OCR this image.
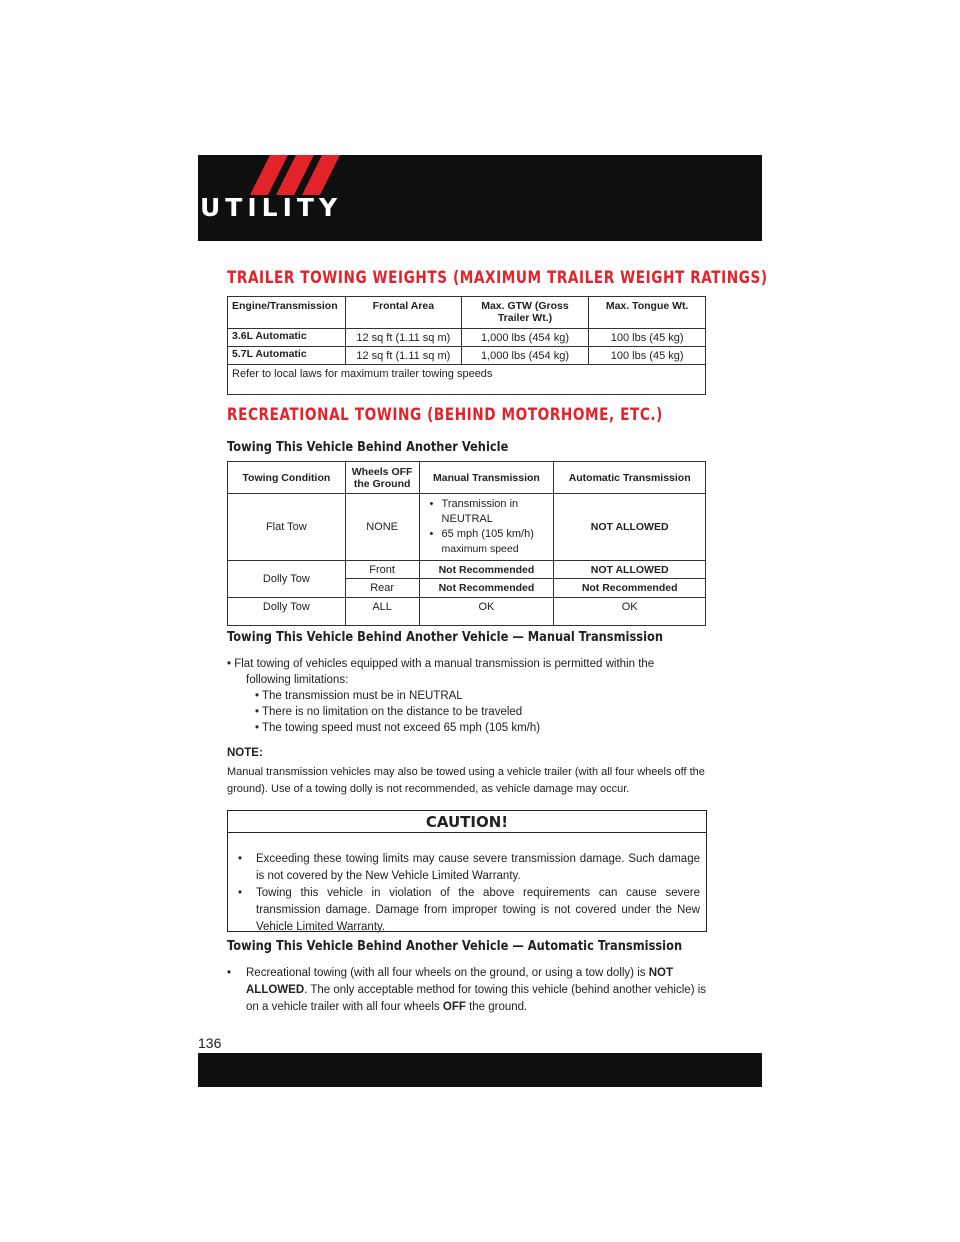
UTILITY
TRAILER TOWING WEIGHTS (MAXIMUM TRAILER WEIGHT RATINGS)
Engine/Transmission	Frontal Area	Max. GTW (Gross Trailer Wt.)	Max. Tongue Wt.
3.6L Automatic	12 sq ft (1.11 sq m)	1,000 lbs (454 kg)	100 lbs (45 kg)
5.7L Automatic	12 sq ft (1.11 sq m)	1,000 lbs (454 kg)	100 lbs (45 kg)
Refer to local laws for maximum trailer towing speeds			
RECREATIONAL TOWING (BEHIND MOTORHOME, ETC.)
Towing This Vehicle Behind Another Vehicle
Towing Condition	Wheels OFF the Ground	Manual Transmission	Automatic Transmission
Flat Tow	NONE	• Transmission in
NEUTRAL
• 65 mph (105 km/h)
maximum speed	NOT ALLOWED
Dolly Tow	Front	Not Recommended	NOT ALLOWED
	Rear	Not Recommended	Not Recommended
Dolly Tow	ALL	OK	OK
Towing This Vehicle Behind Another Vehicle — Manual Transmission
• Flat towing of vehicles equipped with a manual transmission is permitted within the
following limitations:
• The transmission must be in NEUTRAL
• There is no limitation on the distance to be traveled
• The towing speed must not exceed 65 mph (105 km/h)
NOTE:
Manual transmission vehicles may also be towed using a vehicle trailer (with all four wheels off the ground). Use of a towing dolly is not recommended, as vehicle damage may occur.
CAUTION!
• Exceeding these towing limits may cause severe transmission damage. Such damage is not covered by the New Vehicle Limited Warranty.
• Towing this vehicle in violation of the above requirements can cause severe transmission damage. Damage from improper towing is not covered under the New Vehicle Limited Warranty.
Towing This Vehicle Behind Another Vehicle — Automatic Transmission
• Recreational towing (with all four wheels on the ground, or using a tow dolly) is NOT ALLOWED. The only acceptable method for towing this vehicle (behind another vehicle) is on a vehicle trailer with all four wheels OFF the ground.
136
